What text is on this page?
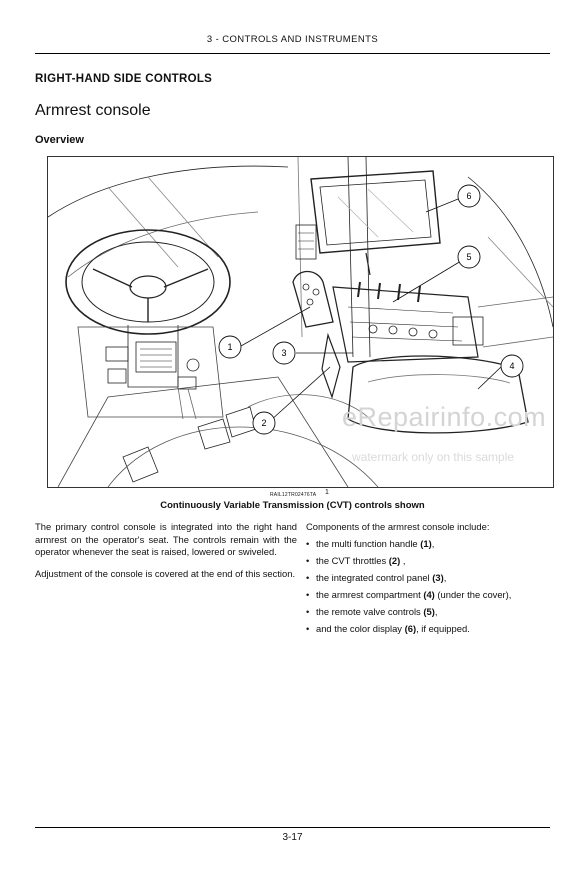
3 - CONTROLS AND INSTRUMENTS
RIGHT-HAND SIDE CONTROLS
Armrest console
Overview
1
2
3
4
5
6
RAIL12TR02476TA 1
Continuously Variable Transmission (CVT) controls shown

The primary control console is integrated into the right hand armrest on the operator's seat. The controls remain with the operator whenever the seat is raised, lowered or swiveled.

Adjustment of the console is covered at the end of this section.

Components of the armrest console include:

• the multi function handle (1),
• the CVT throttles (2) ,
• the integrated control panel (3),
• the armrest compartment (4) (under the cover),
• the remote valve controls (5),
• and the color display (6), if equipped.
eRepairinfo.com
watermark only on this sample
3-17
